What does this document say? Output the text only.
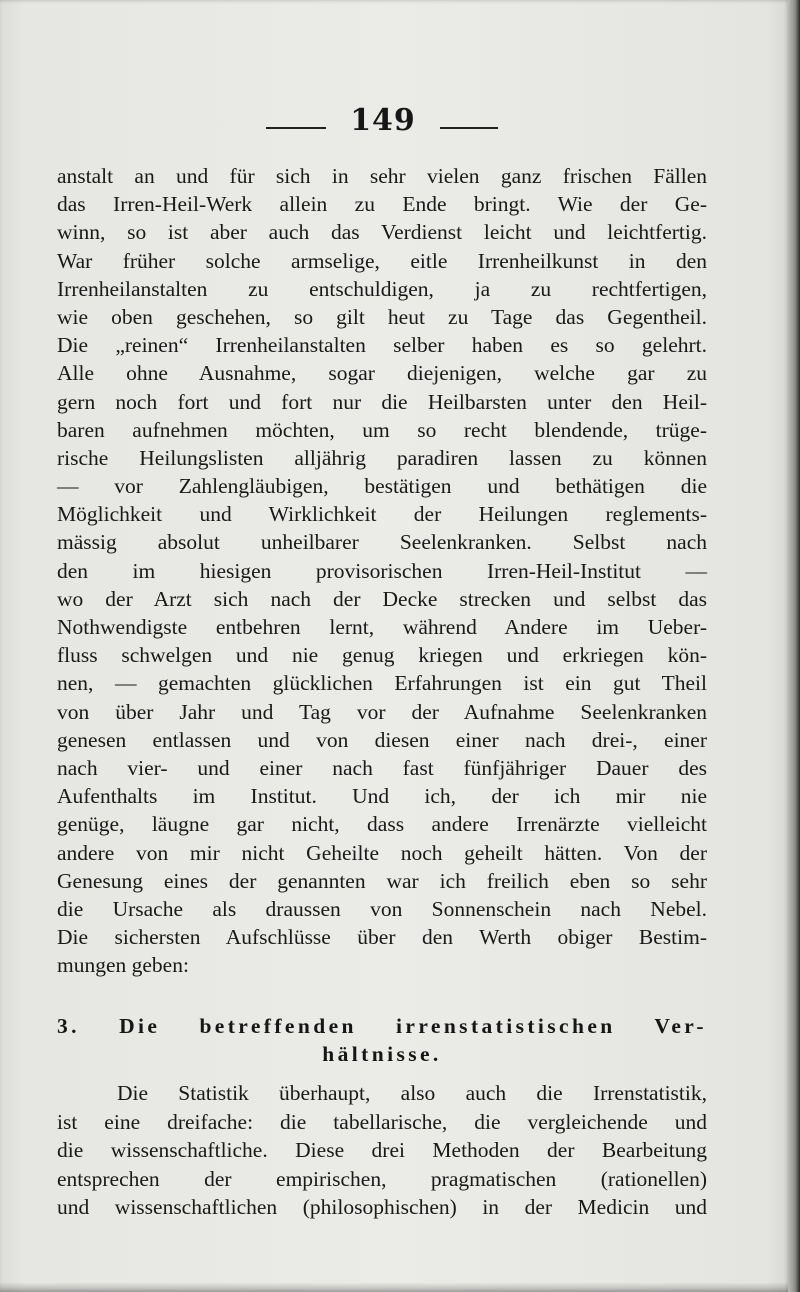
149
anstalt an und für sich in sehr vielen ganz frischen Fällen
das Irren-Heil-Werk allein zu Ende bringt. Wie der Ge-
winn, so ist aber auch das Verdienst leicht und leichtfertig.
War früher solche armselige, eitle Irrenheilkunst in den
Irrenheilanstalten zu entschuldigen, ja zu rechtfertigen,
wie oben geschehen, so gilt heut zu Tage das Gegentheil.
Die „reinen“ Irrenheilanstalten selber haben es so gelehrt.
Alle ohne Ausnahme, sogar diejenigen, welche gar zu
gern noch fort und fort nur die Heilbarsten unter den Heil-
baren aufnehmen möchten, um so recht blendende, trüge-
rische Heilungslisten alljährig paradiren lassen zu können
— vor Zahlengläubigen, bestätigen und bethätigen die
Möglichkeit und Wirklichkeit der Heilungen reglements-
mässig absolut unheilbarer Seelenkranken. Selbst nach
den im hiesigen provisorischen Irren-Heil-Institut —
wo der Arzt sich nach der Decke strecken und selbst das
Nothwendigste entbehren lernt, während Andere im Ueber-
fluss schwelgen und nie genug kriegen und erkriegen kön-
nen, — gemachten glücklichen Erfahrungen ist ein gut Theil
von über Jahr und Tag vor der Aufnahme Seelenkranken
genesen entlassen und von diesen einer nach drei-, einer
nach vier- und einer nach fast fünfjähriger Dauer des
Aufenthalts im Institut. Und ich, der ich mir nie
genüge, läugne gar nicht, dass andere Irrenärzte vielleicht
andere von mir nicht Geheilte noch geheilt hätten. Von der
Genesung eines der genannten war ich freilich eben so sehr
die Ursache als draussen von Sonnenschein nach Nebel.
Die sichersten Aufschlüsse über den Werth obiger Bestim-
mungen geben:
3. Die betreffenden irrenstatistischen Ver-
hältnisse.
Die Statistik überhaupt, also auch die Irrenstatistik,
ist eine dreifache: die tabellarische, die vergleichende und
die wissenschaftliche. Diese drei Methoden der Bearbeitung
entsprechen der empirischen, pragmatischen (rationellen)
und wissenschaftlichen (philosophischen) in der Medicin und
